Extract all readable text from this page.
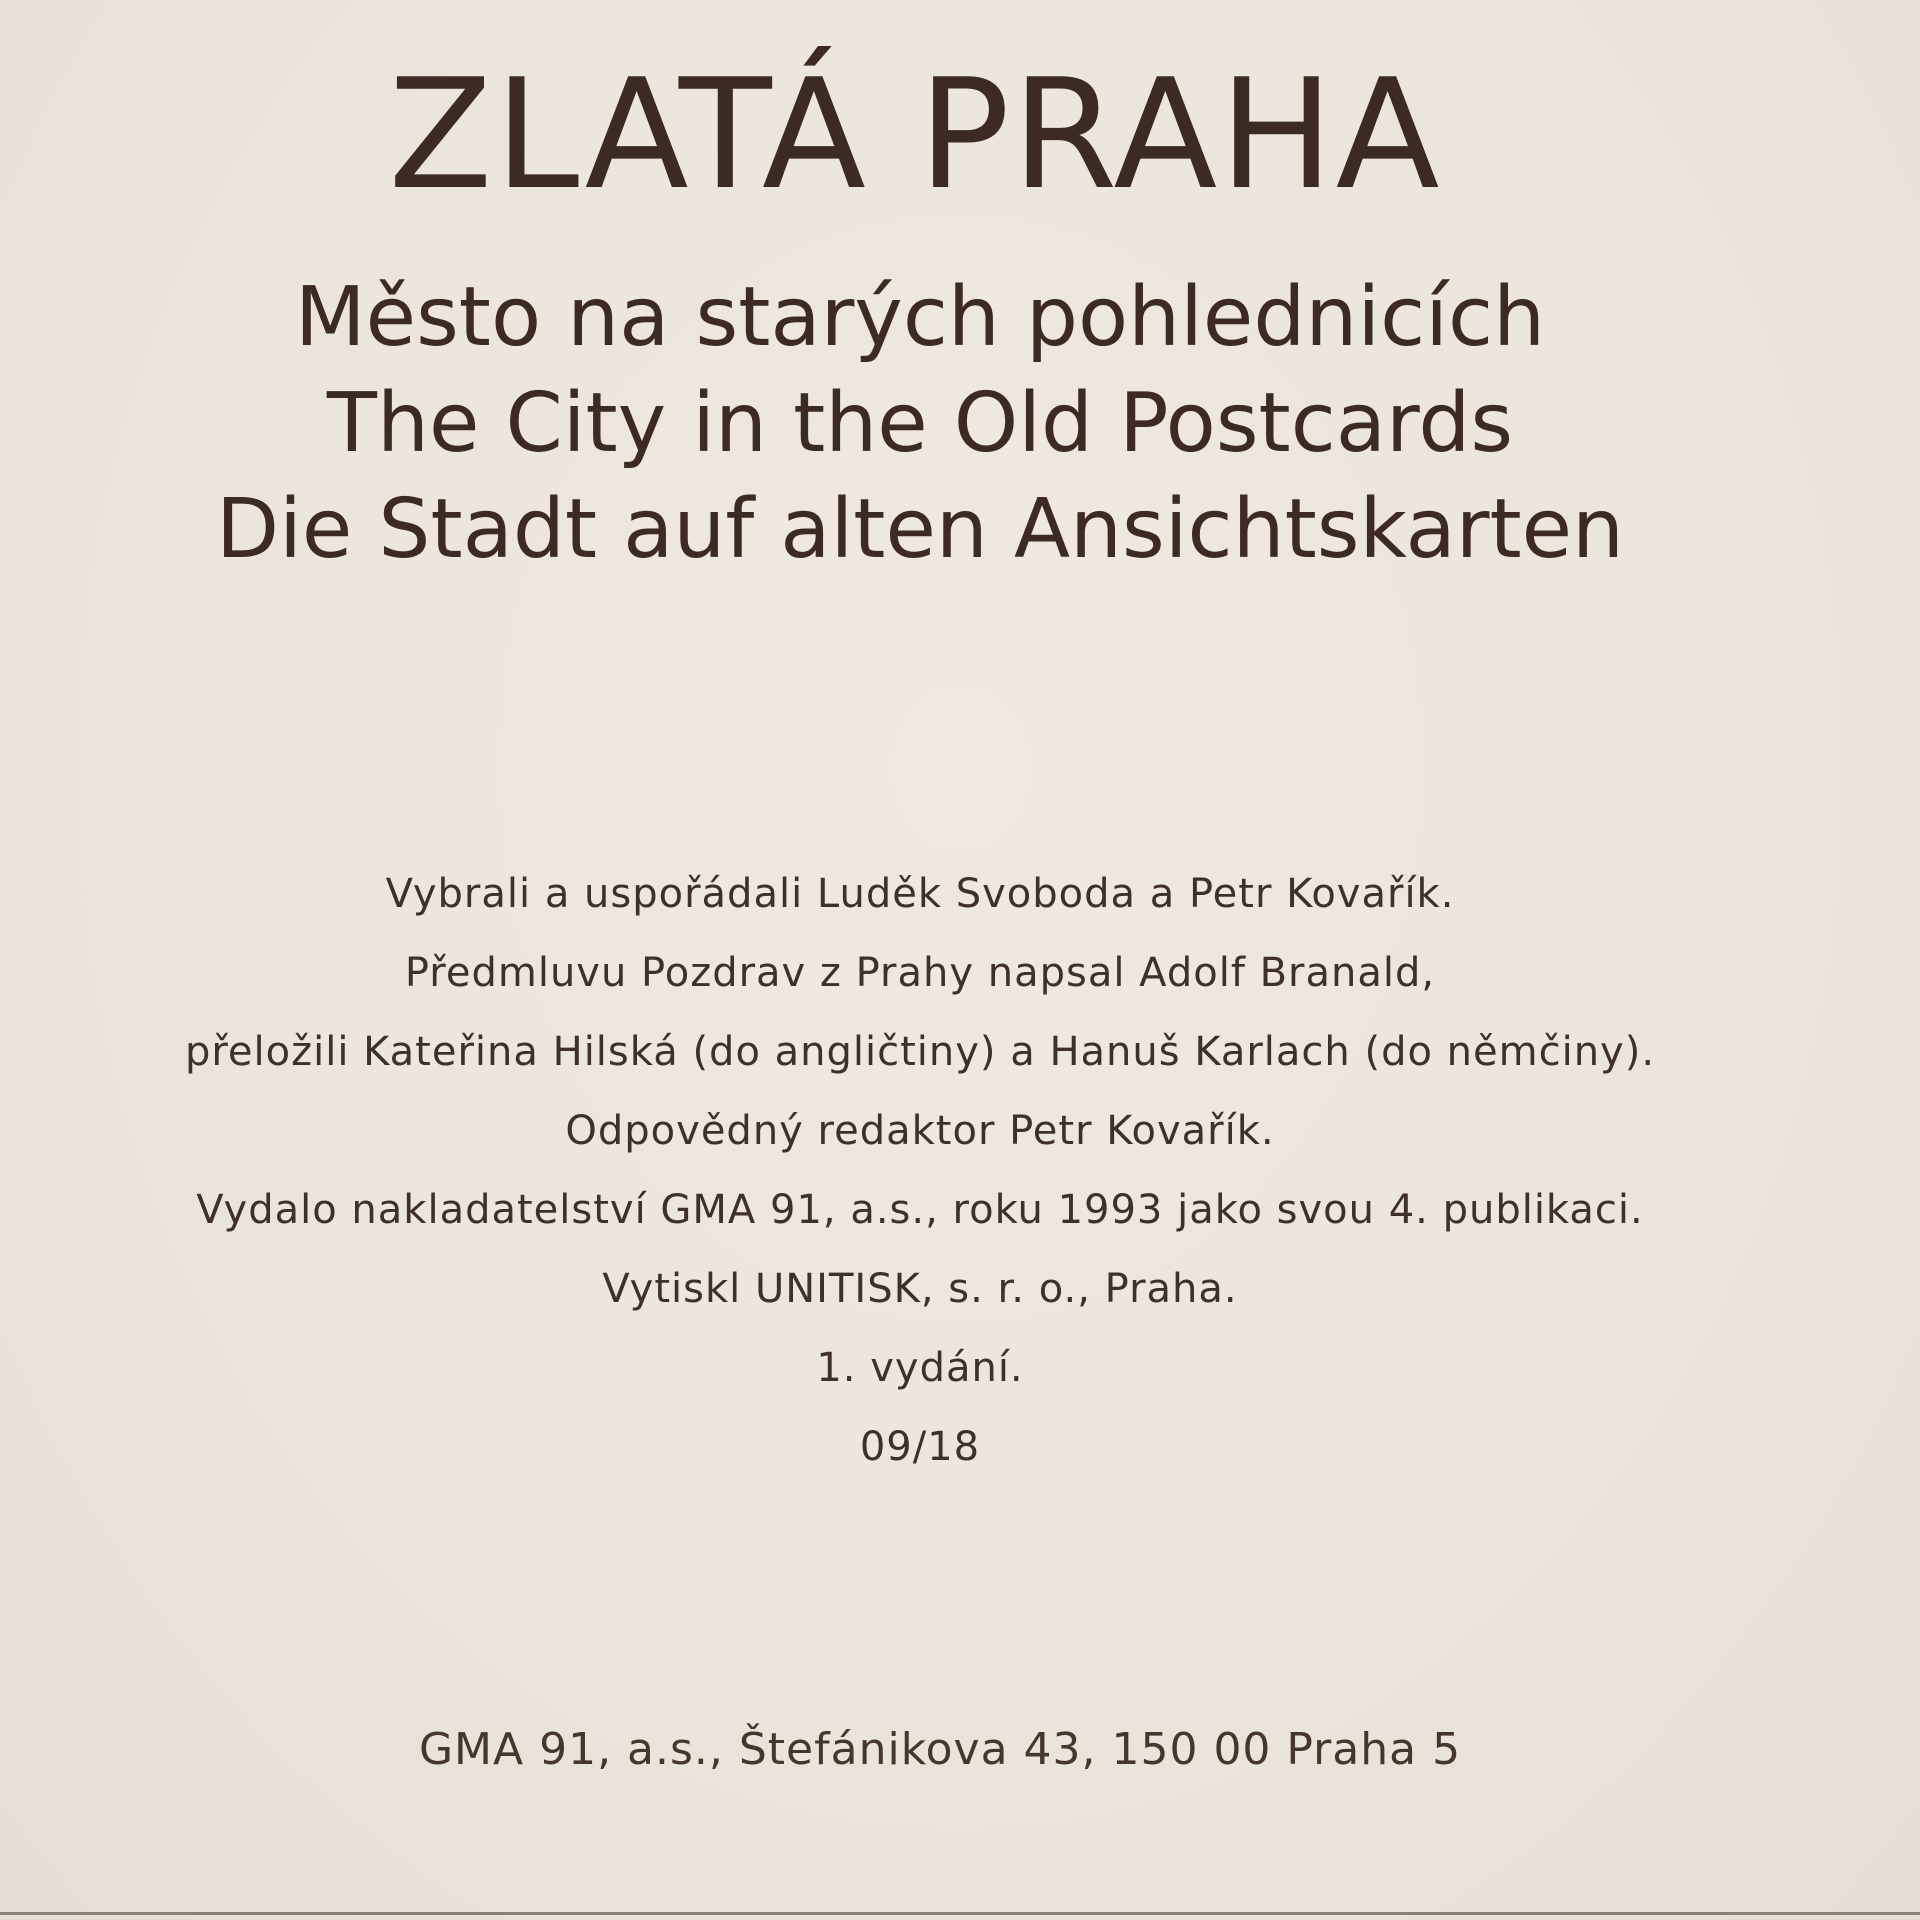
ZLATÁ PRAHA
Město na starých pohlednicích
The City in the Old Postcards
Die Stadt auf alten Ansichtskarten
Vybrali a uspořádali Luděk Svoboda a Petr Kovařík.
Předmluvu Pozdrav z Prahy napsal Adolf Branald,
přeložili Kateřina Hilská (do angličtiny) a Hanuš Karlach (do němčiny).
Odpovědný redaktor Petr Kovařík.
Vydalo nakladatelství GMA 91, a.s., roku 1993 jako svou 4. publikaci.
Vytiskl UNITISK, s. r. o., Praha.
1. vydání.
09/18
GMA 91, a.s., Štefánikova 43, 150 00 Praha 5
